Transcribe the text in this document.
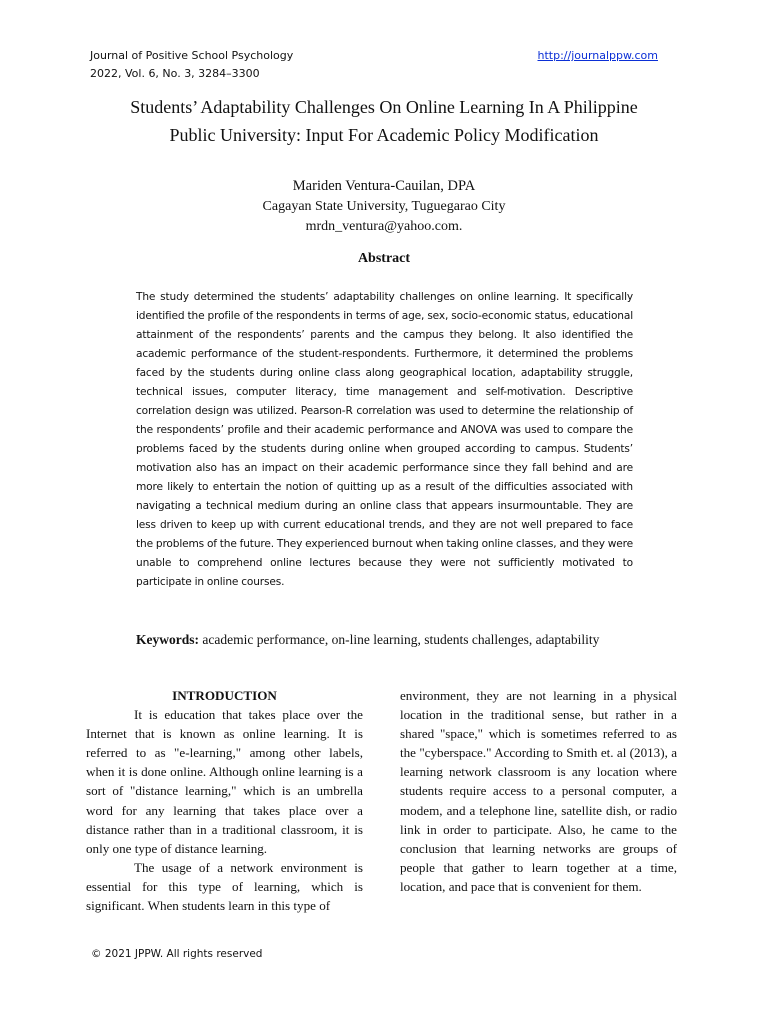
Journal of Positive School Psychology
2022, Vol. 6, No. 3, 3284–3300
http://journalppw.com
Students’ Adaptability Challenges On Online Learning In A Philippine
Public University: Input For Academic Policy Modification
Mariden Ventura-Cauilan, DPA
Cagayan State University, Tuguegarao City
mrdn_ventura@yahoo.com.
Abstract
The study determined the students’ adaptability challenges on online learning. It specifically identified the profile of the respondents in terms of age, sex, socio-economic status, educational attainment of the respondents’ parents and the campus they belong. It also identified the academic performance of the student-respondents. Furthermore, it determined the problems faced by the students during online class along geographical location, adaptability struggle, technical issues, computer literacy, time management and self-motivation. Descriptive correlation design was utilized. Pearson-R correlation was used to determine the relationship of the respondents’ profile and their academic performance and ANOVA was used to compare the problems faced by the students during online when grouped according to campus. Students’ motivation also has an impact on their academic performance since they fall behind and are more likely to entertain the notion of quitting up as a result of the difficulties associated with navigating a technical medium during an online class that appears insurmountable. They are less driven to keep up with current educational trends, and they are not well prepared to face the problems of the future. They experienced burnout when taking online classes, and they were unable to comprehend online lectures because they were not sufficiently motivated to participate in online courses.
Keywords: academic performance, on-line learning, students challenges, adaptability

INTRODUCTION

It is education that takes place over the Internet that is known as online learning. It is referred to as "e-learning," among other labels, when it is done online. Although online learning is a sort of "distance learning," which is an umbrella word for any learning that takes place over a distance rather than in a traditional classroom, it is only one type of distance learning.

The usage of a network environment is essential for this type of learning, which is significant. When students learn in this type of

environment, they are not learning in a physical location in the traditional sense, but rather in a shared "space," which is sometimes referred to as the "cyberspace." According to Smith et. al (2013), a learning network classroom is any location where students require access to a personal computer, a modem, and a telephone line, satellite dish, or radio link in order to participate. Also, he came to the conclusion that learning networks are groups of people that gather to learn together at a time, location, and pace that is convenient for them.

© 2021 JPPW. All rights reserved
